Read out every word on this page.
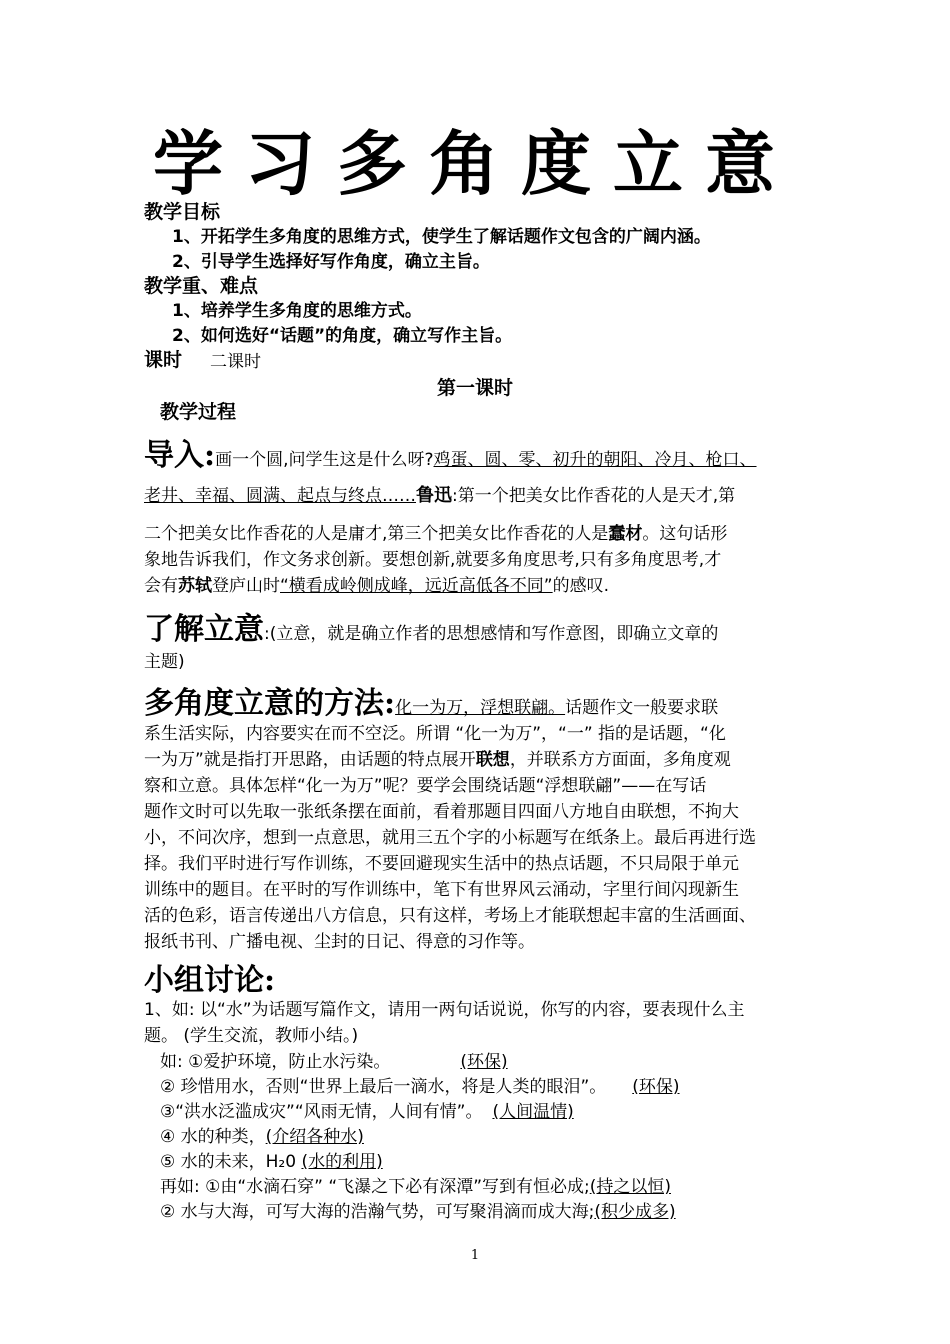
学习多角度立意
教学目标
1、开拓学生多角度的思维方式，使学生了解话题作文包含的广阔内涵。
2、引导学生选择好写作角度，确立主旨。
教学重、难点
1、培养学生多角度的思维方式。
2、如何选好“话题”的角度，确立写作主旨。
课时 二课时
第一课时
教学过程
导入:画一个圆,问学生这是什么呀?鸡蛋、圆、零、初升的朝阳、冷月、枪口、
老井、幸福、圆满、起点与终点……鲁迅:第一个把美女比作香花的人是天才,第
二个把美女比作香花的人是庸才,第三个把美女比作香花的人是蠢材。这句话形
象地告诉我们，作文务求创新。要想创新,就要多角度思考,只有多角度思考,才
会有苏轼登庐山时“横看成岭侧成峰，远近高低各不同”的感叹.
了解立意:(立意，就是确立作者的思想感情和写作意图，即确立文章的
主题)
多角度立意的方法:化一为万，浮想联翩。话题作文一般要求联
系生活实际，内容要实在而不空泛。所谓 “化一为万”，“一” 指的是话题，“化
一为万”就是指打开思路，由话题的特点展开联想，并联系方方面面，多角度观
察和立意。具体怎样“化一为万”呢？要学会围绕话题“浮想联翩”——在写话
题作文时可以先取一张纸条摆在面前，看着那题目四面八方地自由联想，不拘大
小，不问次序，想到一点意思，就用三五个字的小标题写在纸条上。最后再进行选
择。我们平时进行写作训练，不要回避现实生活中的热点话题，不只局限于单元
训练中的题目。在平时的写作训练中，笔下有世界风云涌动，字里行间闪现新生
活的色彩，语言传递出八方信息，只有这样，考场上才能联想起丰富的生活画面、
报纸书刊、广播电视、尘封的日记、得意的习作等。
小组讨论:
1、如: 以“水”为话题写篇作文，请用一两句话说说，你写的内容，要表现什么主
题。 (学生交流，教师小结。)
如: ①爱护环境，防止水污染。	(环保)
② 珍惜用水，否则“世界上最后一滴水，将是人类的眼泪”。 (环保)
③“洪水泛滥成灾”“风雨无情，人间有情”。 (人间温情)
④ 水的种类，(介绍各种水)
⑤ 水的未来，H₂0 (水的利用)
再如: ①由“水滴石穿” “飞瀑之下必有深潭”写到有恒必成;(持之以恒)
② 水与大海，可写大海的浩瀚气势，可写聚涓滴而成大海;(积少成多)
1
